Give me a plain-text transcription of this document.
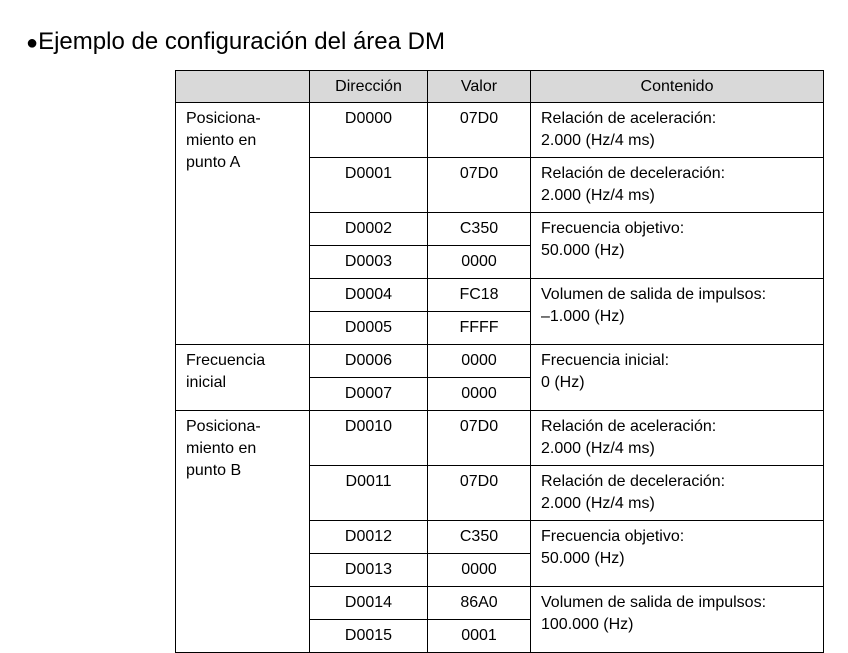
●Ejemplo de configuración del área DM
	Dirección	Valor	Contenido
Posiciona-
miento en
punto A	D0000	07D0	Relación de aceleración:
2.000 (Hz/4 ms)
	D0001	07D0	Relación de deceleración:
2.000 (Hz/4 ms)
	D0002	C350	Frecuencia objetivo:
50.000 (Hz)
	D0003	0000	
	D0004	FC18	Volumen de salida de impulsos:
–1.000 (Hz)
	D0005	FFFF	
Frecuencia
inicial	D0006	0000	Frecuencia inicial:
0 (Hz)
	D0007	0000	
Posiciona-
miento en
punto B	D0010	07D0	Relación de aceleración:
2.000 (Hz/4 ms)
	D0011	07D0	Relación de deceleración:
2.000 (Hz/4 ms)
	D0012	C350	Frecuencia objetivo:
50.000 (Hz)
	D0013	0000	
	D0014	86A0	Volumen de salida de impulsos:
100.000 (Hz)
	D0015	0001	
